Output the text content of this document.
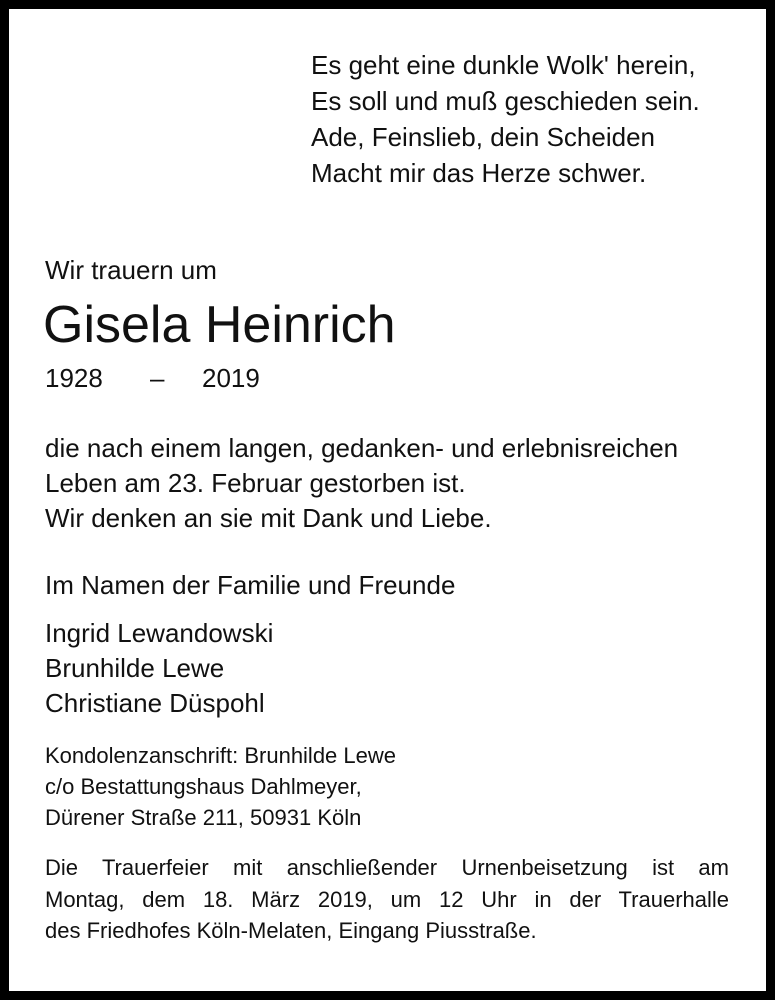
Es geht eine dunkle Wolk' herein,
Es soll und muß geschieden sein.
Ade, Feinslieb, dein Scheiden
Macht mir das Herze schwer.
Wir trauern um
Gisela Heinrich
1928 – 2019
die nach einem langen, gedanken- und erlebnisreichen
Leben am 23. Februar gestorben ist.
Wir denken an sie mit Dank und Liebe.
Im Namen der Familie und Freunde
Ingrid Lewandowski
Brunhilde Lewe
Christiane Düspohl
Kondolenzanschrift: Brunhilde Lewe
c/o Bestattungshaus Dahlmeyer,
Dürener Straße 211, 50931 Köln
Die Trauerfeier mit anschließender Urnenbeisetzung ist am
Montag, dem 18. März 2019, um 12 Uhr in der Trauerhalle
des Friedhofes Köln-Melaten, Eingang Piusstraße.
